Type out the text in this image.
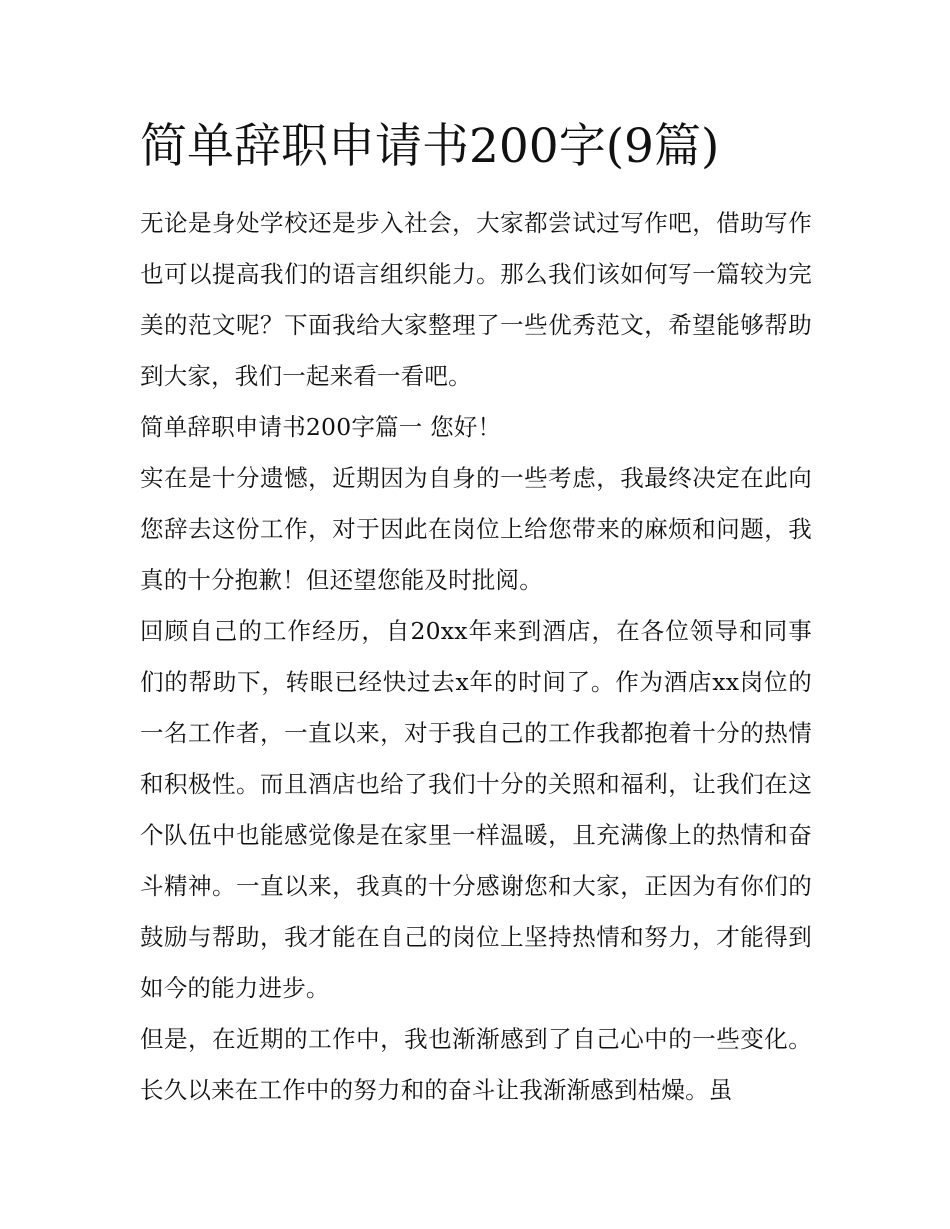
简单辞职申请书200字(9篇)

无论是身处学校还是步入社会，大家都尝试过写作吧，借助写作也可以提高我们的语言组织能力。那么我们该如何写一篇较为完美的范文呢？下面我给大家整理了一些优秀范文，希望能够帮助到大家，我们一起来看一看吧。

简单辞职申请书200字篇一 您好！

实在是十分遗憾，近期因为自身的一些考虑，我最终决定在此向您辞去这份工作，对于因此在岗位上给您带来的麻烦和问题，我真的十分抱歉！但还望您能及时批阅。

回顾自己的工作经历，自20xx年来到酒店，在各位领导和同事们的帮助下，转眼已经快过去x年的时间了。作为酒店xx岗位的一名工作者，一直以来，对于我自己的工作我都抱着十分的热情和积极性。而且酒店也给了我们十分的关照和福利，让我们在这个队伍中也能感觉像是在家里一样温暖，且充满像上的热情和奋斗精神。一直以来，我真的十分感谢您和大家，正因为有你们的鼓励与帮助，我才能在自己的岗位上坚持热情和努力，才能得到如今的能力进步。

但是，在近期的工作中，我也渐渐感到了自己心中的一些变化。长久以来在工作中的努力和的奋斗让我渐渐感到枯燥。虽
